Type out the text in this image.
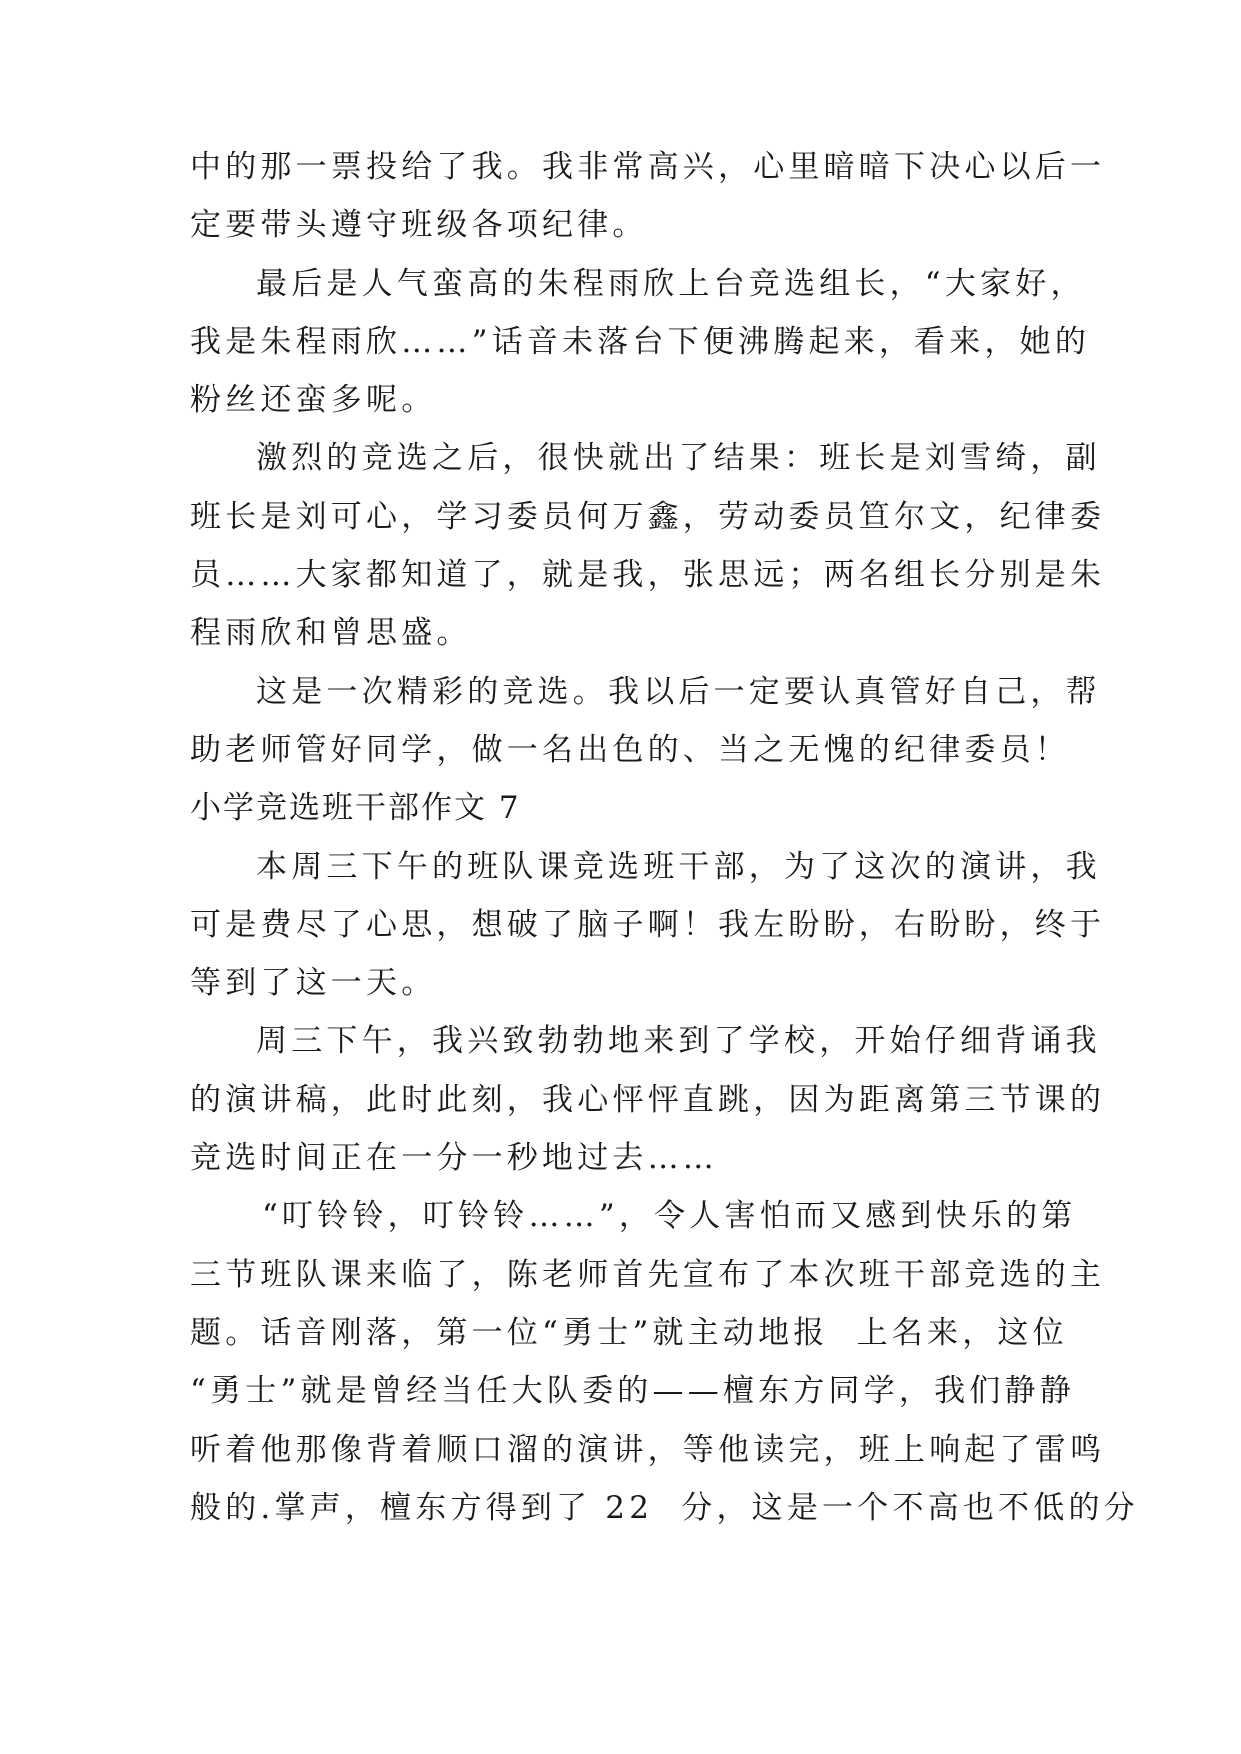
中的那一票投给了我。我非常高兴，心里暗暗下决心以后一
定要带头遵守班级各项纪律。
最后是人气蛮高的朱程雨欣上台竞选组长，“大家好，
我是朱程雨欣……”话音未落台下便沸腾起来，看来，她的
粉丝还蛮多呢。
激烈的竞选之后，很快就出了结果：班长是刘雪绮，副
班长是刘可心，学习委员何万鑫，劳动委员笪尔文，纪律委
员……大家都知道了，就是我，张思远；两名组长分别是朱
程雨欣和曾思盛。
这是一次精彩的竞选。我以后一定要认真管好自己，帮
助老师管好同学，做一名出色的、当之无愧的纪律委员！
小学竞选班干部作文 7
本周三下午的班队课竞选班干部，为了这次的演讲，我
可是费尽了心思，想破了脑子啊！我左盼盼，右盼盼，终于
等到了这一天。
周三下午，我兴致勃勃地来到了学校，开始仔细背诵我
的演讲稿，此时此刻，我心怦怦直跳，因为距离第三节课的
竞选时间正在一分一秒地过去……
“叮铃铃，叮铃铃……”，令人害怕而又感到快乐的第
三节班队课来临了，陈老师首先宣布了本次班干部竞选的主
题。话音刚落，第一位“勇士”就主动地报  上名来，这位
“勇士”就是曾经当任大队委的——檀东方同学，我们静静
听着他那像背着顺口溜的演讲，等他读完，班上响起了雷鸣
般的.掌声，檀东方得到了 22  分，这是一个不高也不低的分
